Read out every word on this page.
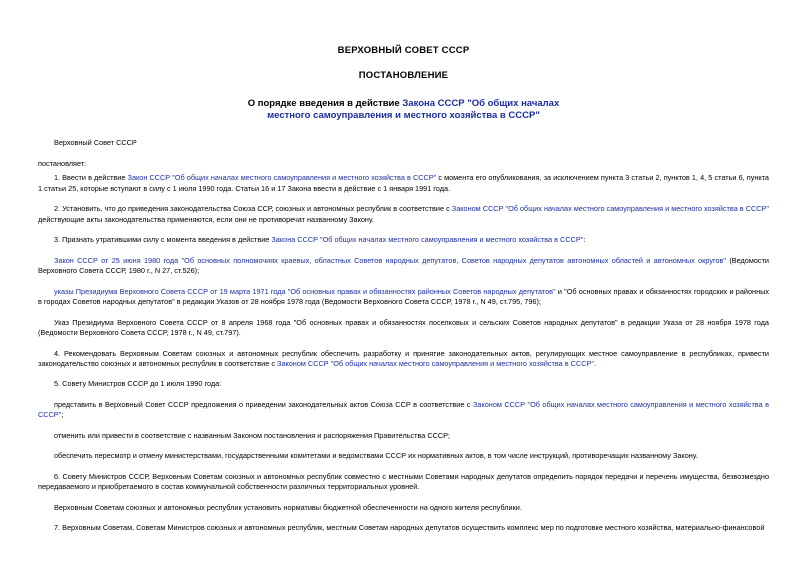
ВЕРХОВНЫЙ СОВЕТ СССР
ПОСТАНОВЛЕНИЕ
О порядке введения в действие Закона СССР "Об общих началах
местного самоуправления и местного хозяйства в СССР"

Верховный Совет СССР

постановляет:

1. Ввести в действие Закон СССР "Об общих началах местного самоуправления и местного хозяйства в СССР" с момента его опубликования, за исключением пункта 3 статьи 2, пунктов 1, 4, 5 статьи 6, пункта 1 статьи 25, которые вступают в силу с 1 июля 1990 года. Статьи 16 и 17 Закона ввести в действие с 1 января 1991 года.

2. Установить, что до приведения законодательства Союза ССР, союзных и автономных республик в соответствие с Законом СССР "Об общих началах местного самоуправления и местного хозяйства в СССР" действующие акты законодательства применяются, если они не противоречат названному Закону.

3. Признать утратившими силу с момента введения в действие Закона СССР "Об общих началах местного самоуправления и местного хозяйства в СССР":

Закон СССР от 25 июня 1980 года "Об основных полномочиях краевых, областных Советов народных депутатов, Советов народных депутатов автономных областей и автономных округов" (Ведомости Верховного Совета СССР, 1980 г., N 27, ст.526);

указы Президиума Верховного Совета СССР от 19 марта 1971 года "Об основных правах и обязанностях районных Советов народных депутатов" и "Об основных правах и обязанностях городских и районных в городах Советов народных депутатов" в редакции Указов от 28 ноября 1978 года (Ведомости Верховного Совета СССР, 1978 г., N 49, ст.795, 796);

Указ Президиума Верховного Совета СССР от 8 апреля 1968 года "Об основных правах и обязанностях поселковых и сельских Советов народных депутатов" в редакции Указа от 28 ноября 1978 года (Ведомости Верховного Совета СССР, 1978 г., N 49, ст.797).

4. Рекомендовать Верховным Советам союзных и автономных республик обеспечить разработку и принятие законодательных актов, регулирующих местное самоуправление в республиках, привести законодательство союзных и автономных республик в соответствие с Законом СССР "Об общих началах местного самоуправления и местного хозяйства в СССР".

5. Совету Министров СССР до 1 июля 1990 года:

представить в Верховный Совет СССР предложения о приведении законодательных актов Союза ССР в соответствие с Законом СССР "Об общих началах местного самоуправления и местного хозяйства в СССР";

отменить или привести в соответствие с названным Законом постановления и распоряжения Правительства СССР;

обеспечить пересмотр и отмену министерствами, государственными комитетами и ведомствами СССР их нормативных актов, в том числе инструкций, противоречащих названному Закону.

6. Совету Министров СССР, Верховным Советам союзных и автономных республик совместно с местными Советами народных депутатов определить порядок передачи и перечень имущества, безвозмездно передаваемого и приобретаемого в состав коммунальной собственности различных территориальных уровней.

Верховным Советам союзных и автономных республик установить нормативы бюджетной обеспеченности на одного жителя республики.

7. Верховным Советам, Советам Министров союзных и автономных республик, местным Советам народных депутатов осуществить комплекс мер по подготовке местного хозяйства, материально-финансовой
